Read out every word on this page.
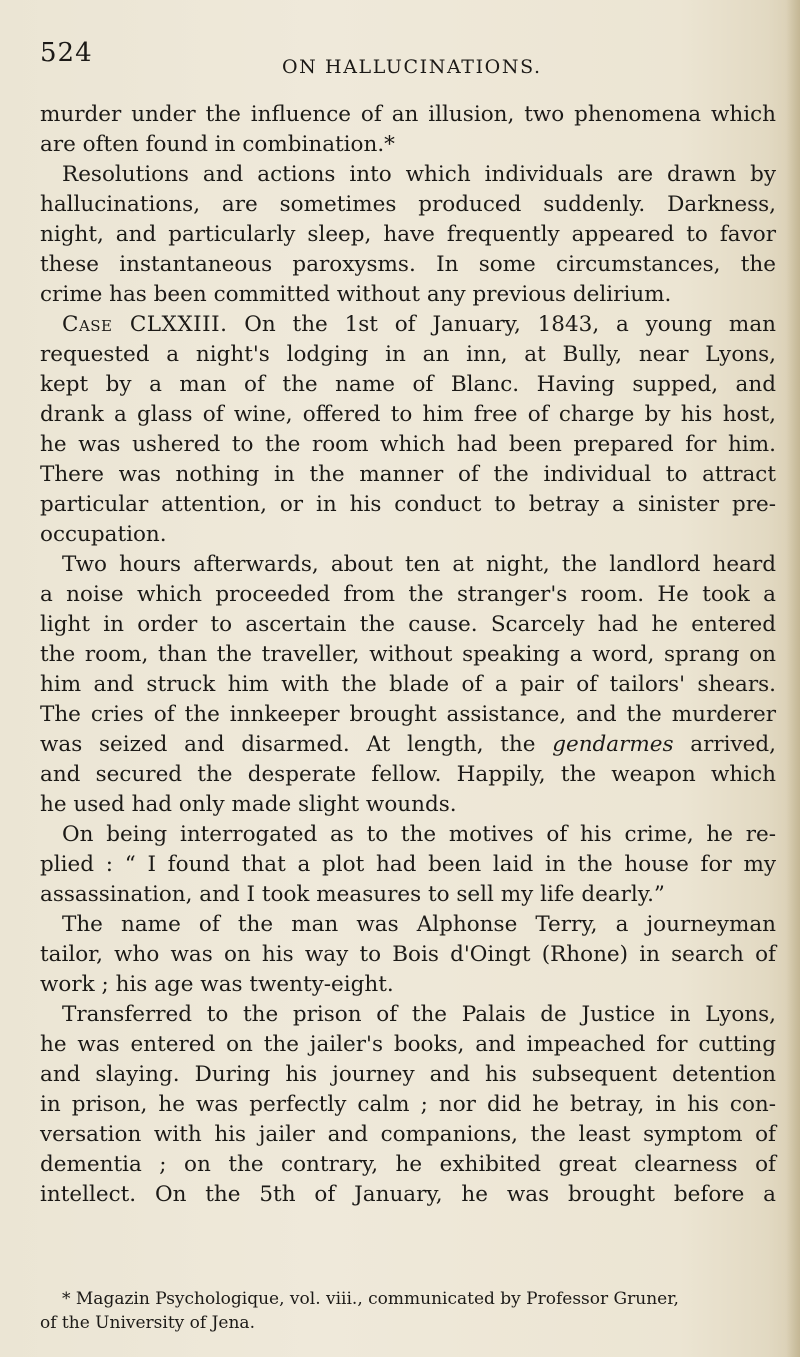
524	ON HALLUCINATIONS.
murder under the influence of an illusion, two phenomena which
are often found in combination.*
Resolutions and actions into which individuals are drawn by
hallucinations, are sometimes produced suddenly. Darkness,
night, and particularly sleep, have frequently appeared to favor
these instantaneous paroxysms. In some circumstances, the
crime has been committed without any previous delirium.
Case CLXXIII. On the 1st of January, 1843, a young man
requested a night's lodging in an inn, at Bully, near Lyons,
kept by a man of the name of Blanc. Having supped, and
drank a glass of wine, offered to him free of charge by his host,
he was ushered to the room which had been prepared for him.
There was nothing in the manner of the individual to attract
particular attention, or in his conduct to betray a sinister pre-
occupation.
Two hours afterwards, about ten at night, the landlord heard
a noise which proceeded from the stranger's room. He took a
light in order to ascertain the cause. Scarcely had he entered
the room, than the traveller, without speaking a word, sprang on
him and struck him with the blade of a pair of tailors' shears.
The cries of the innkeeper brought assistance, and the murderer
was seized and disarmed. At length, the gendarmes arrived,
and secured the desperate fellow. Happily, the weapon which
he used had only made slight wounds.
On being interrogated as to the motives of his crime, he re-
plied : “ I found that a plot had been laid in the house for my
assassination, and I took measures to sell my life dearly.”
The name of the man was Alphonse Terry, a journeyman
tailor, who was on his way to Bois d'Oingt (Rhone) in search of
work ; his age was twenty-eight.
Transferred to the prison of the Palais de Justice in Lyons,
he was entered on the jailer's books, and impeached for cutting
and slaying. During his journey and his subsequent detention
in prison, he was perfectly calm ; nor did he betray, in his con-
versation with his jailer and companions, the least symptom of
dementia ; on the contrary, he exhibited great clearness of
intellect. On the 5th of January, he was brought before a
* Magazin Psychologique, vol. viii., communicated by Professor Gruner,
of the University of Jena.
